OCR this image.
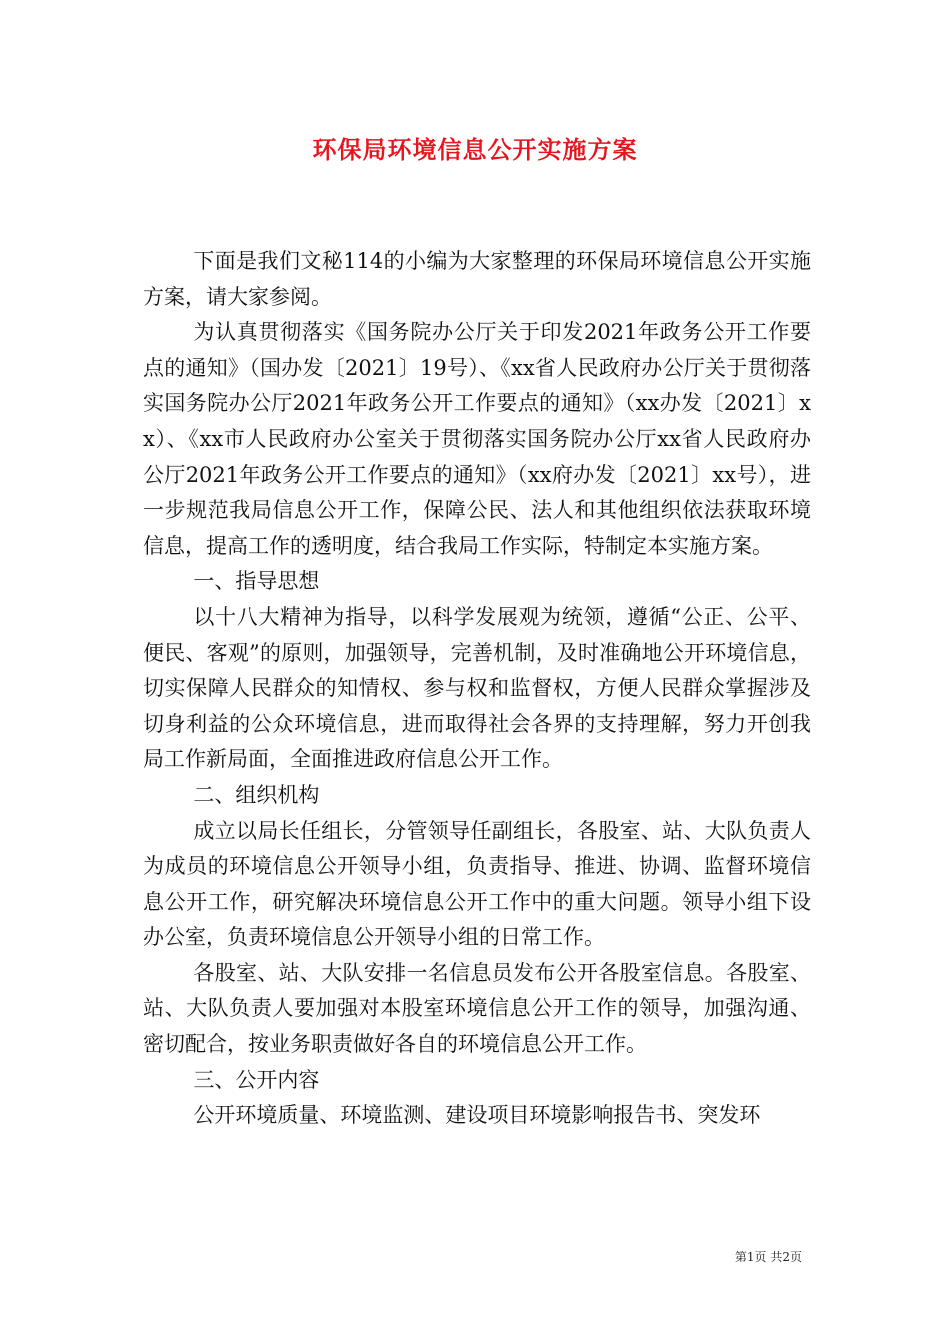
环保局环境信息公开实施方案

下面是我们文秘114的小编为大家整理的环保局环境信息公开实施方案，请大家参阅。

为认真贯彻落实《国务院办公厅关于印发2021年政务公开工作要点的通知》（国办发〔2021〕19号）、《xx省人民政府办公厅关于贯彻落实国务院办公厅2021年政务公开工作要点的通知》（xx办发〔2021〕xx）、《xx市人民政府办公室关于贯彻落实国务院办公厅xx省人民政府办公厅2021年政务公开工作要点的通知》（xx府办发〔2021〕xx号），进一步规范我局信息公开工作，保障公民、法人和其他组织依法获取环境信息，提高工作的透明度，结合我局工作实际，特制定本实施方案。

一、指导思想

以十八大精神为指导，以科学发展观为统领，遵循“公正、公平、便民、客观”的原则，加强领导，完善机制，及时准确地公开环境信息，切实保障人民群众的知情权、参与权和监督权，方便人民群众掌握涉及切身利益的公众环境信息，进而取得社会各界的支持理解，努力开创我局工作新局面，全面推进政府信息公开工作。

二、组织机构

成立以局长任组长，分管领导任副组长，各股室、站、大队负责人为成员的环境信息公开领导小组，负责指导、推进、协调、监督环境信息公开工作，研究解决环境信息公开工作中的重大问题。领导小组下设办公室，负责环境信息公开领导小组的日常工作。

各股室、站、大队安排一名信息员发布公开各股室信息。各股室、站、大队负责人要加强对本股室环境信息公开工作的领导，加强沟通、密切配合，按业务职责做好各自的环境信息公开工作。

三、公开内容

公开环境质量、环境监测、建设项目环境影响报告书、突发环

第1页 共2页
